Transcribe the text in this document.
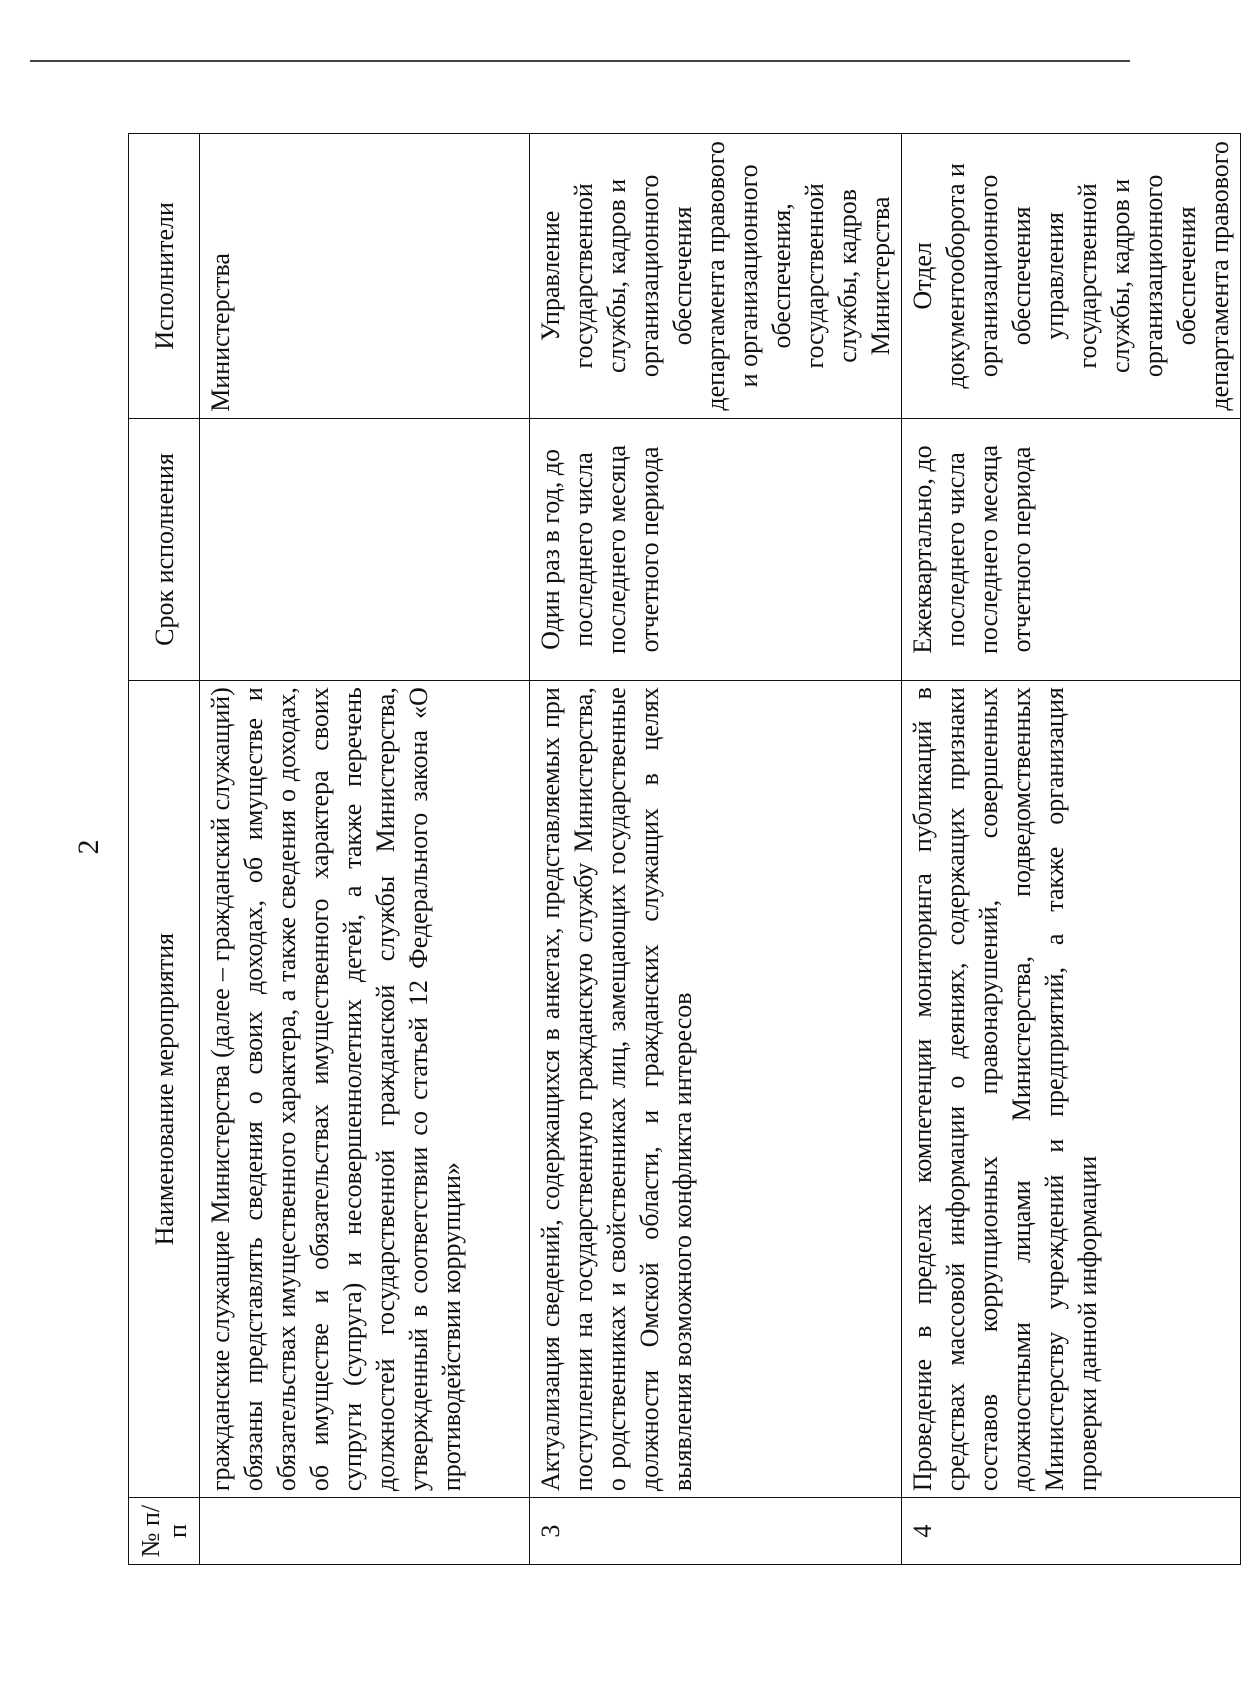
2
№ п/п	Наименование мероприятия	Срок исполнения	Исполнители
	гражданские служащие Министерства (далее – гражданский служащий) обязаны представлять сведения о своих доходах, об имуществе и обязательствах имущественного характера, а также сведения о доходах, об имуществе и обязательствах имущественного характера своих супруги (супруга) и несовершеннолетних детей, а также перечень должностей государственной гражданской службы Министерства, утвержденный в соответствии со статьей 12 Федерального закона «О противодействии коррупции»		Министерства
3	Актуализация сведений, содержащихся в анкетах, представляемых при поступлении на государственную гражданскую службу Министерства, о родственниках и свойственниках лиц, замещающих государственные должности Омской области, и гражданских служащих в целях выявления возможного конфликта интересов	Один раз в год, до последнего числа последнего месяца отчетного периода	Управление государственной службы, кадров и организационного обеспечения департамента правового и организационного обеспечения, государственной службы, кадров Министерства
4	Проведение в пределах компетенции мониторинга публикаций в средствах массовой информации о деяниях, содержащих признаки составов коррупционных правонарушений, совершенных должностными лицами Министерства, подведомственных Министерству учреждений и предприятий, а также организация проверки данной информации	Ежеквартально, до последнего числа последнего месяца отчетного периода	Отдел документооборота и организационного обеспечения управления государственной службы, кадров и организационного обеспечения департамента правового
